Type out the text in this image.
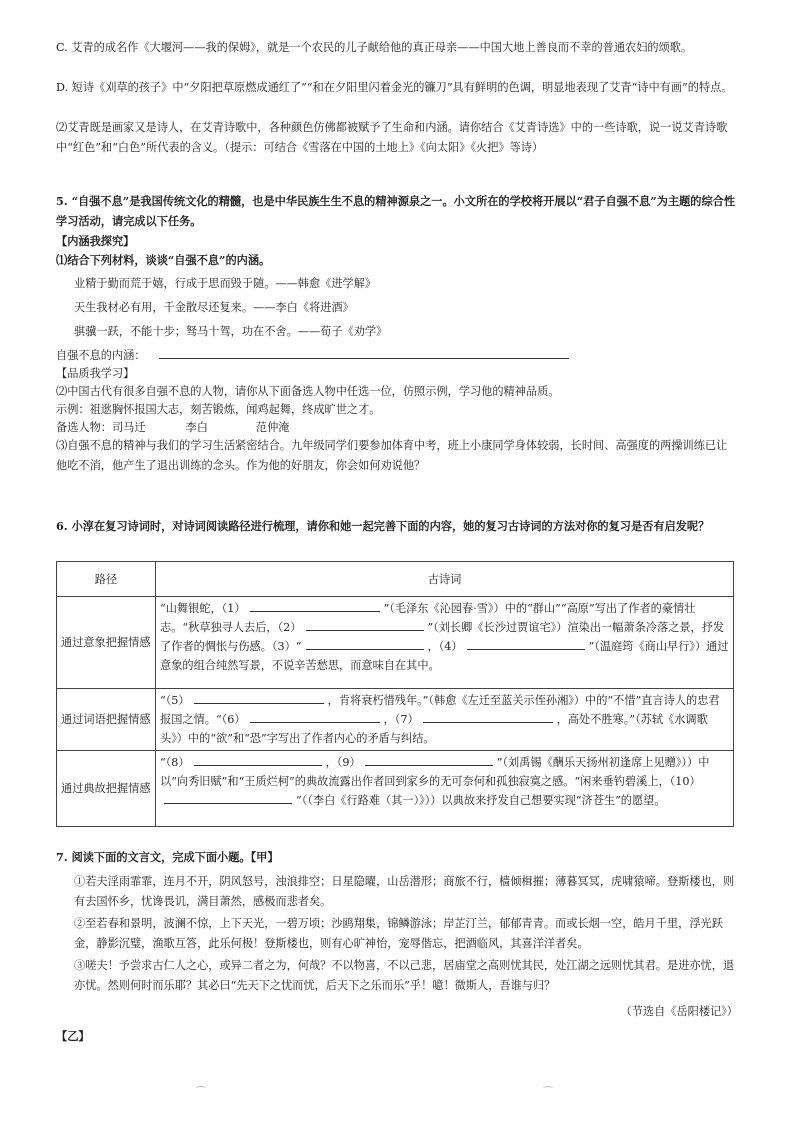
C. 艾青的成名作《大堰河——我的保姆》，就是一个农民的儿子献给他的真正母亲——中国大地上善良而不幸的普通农妇的颂歌。
D. 短诗《刈草的孩子》中“夕阳把草原燃成通红了”“和在夕阳里闪着金光的镰刀”具有鲜明的色调，明显地表现了艾青“诗中有画”的特点。
⑵艾青既是画家又是诗人，在艾青诗歌中，各种颜色仿佛都被赋予了生命和内涵。请你结合《艾青诗选》中的一些诗歌，说一说艾青诗歌中“红色”和“白色”所代表的含义。（提示：可结合《雪落在中国的土地上》《向太阳》《火把》等诗）
5. “自强不息”是我国传统文化的精髓，也是中华民族生生不息的精神源泉之一。小文所在的学校将开展以“君子自强不息”为主题的综合性学习活动，请完成以下任务。
【内涵我探究】
⑴结合下列材料，谈谈“自强不息”的内涵。
业精于勤而荒于嬉，行成于思而毁于随。——韩愈《进学解》
天生我材必有用，千金散尽还复来。——李白《将进酒》
骐骥一跃，不能十步；驽马十驾，功在不舍。——荀子《劝学》
自强不息的内涵：
【品质我学习】
⑵中国古代有很多自强不息的人物，请你从下面备选人物中任选一位，仿照示例，学习他的精神品质。
示例：祖逖胸怀报国大志，刻苦锻炼，闻鸡起舞，终成旷世之才。
备选人物：司马迁	李白	范仲淹
⑶自强不息的精神与我们的学习生活紧密结合。九年级同学们要参加体育中考，班上小康同学身体较弱，长时间、高强度的两操训练已让他吃不消，他产生了退出训练的念头。作为他的好朋友，你会如何劝说他？
6. 小淳在复习诗词时，对诗词阅读路径进行梳理，请你和她一起完善下面的内容，她的复习古诗词的方法对你的复习是否有启发呢？
路径	古诗词
通过意象把握情感	“山舞银蛇，（1） ”（毛泽东《沁园春·雪》）中的“群山”“高原”写出了作者的豪情壮志。“秋草独寻人去后，（2） ”（刘长卿《长沙过贾谊宅》）渲染出一幅萧条冷落之景，抒发了作者的惆怅与伤感。（3）“ ，（4） ”（温庭筠《商山早行》）通过意象的组合纯然写景，不说辛苦愁思，而意味自在其中。
通过词语把握情感	“（5） ，肯将衰朽惜残年。”（韩愈《左迁至蓝关示侄孙湘》）中的“不惜”直言诗人的忠君报国之情。“（6） ，（7） ，高处不胜寒。”（苏轼《水调歌头》）中的“欲”和“恐”字写出了作者内心的矛盾与纠结。
通过典故把握情感	“（8） ，（9） ”（刘禹锡《酬乐天扬州初逢席上见赠》））中以“向秀旧赋”和“王质烂柯”的典故流露出作者回到家乡的无可奈何和孤独寂寞之感。“闲来垂钓碧溪上，（10）”（（李白《行路难（其一）》））以典故来抒发自己想要实现“济苍生”的愿望。
7. 阅读下面的文言文，完成下面小题。【甲】
①若夫淫雨霏霏，连月不开，阴风怒号，浊浪排空；日星隐曜，山岳潜形；商旅不行，樯倾楫摧；薄暮冥冥，虎啸猿啼。登斯楼也，则有去国怀乡，忧谗畏讥，满目萧然，感极而悲者矣。
②至若春和景明，波澜不惊，上下天光，一碧万顷；沙鸥翔集，锦鳞游泳；岸芷汀兰，郁郁青青。而或长烟一空，皓月千里，浮光跃金，静影沉璧，渔歌互答，此乐何极！登斯楼也，则有心旷神怡，宠辱偕忘，把酒临风，其喜洋洋者矣。
③嗟夫！予尝求古仁人之心，或异二者之为，何哉？不以物喜，不以己悲，居庙堂之高则忧其民，处江湖之远则忧其君。是进亦忧，退亦忧。然则何时而乐耶？其必曰“先天下之忧而忧，后天下之乐而乐”乎！噫！微斯人，吾谁与归？
（节选自《岳阳楼记》）
【乙】
